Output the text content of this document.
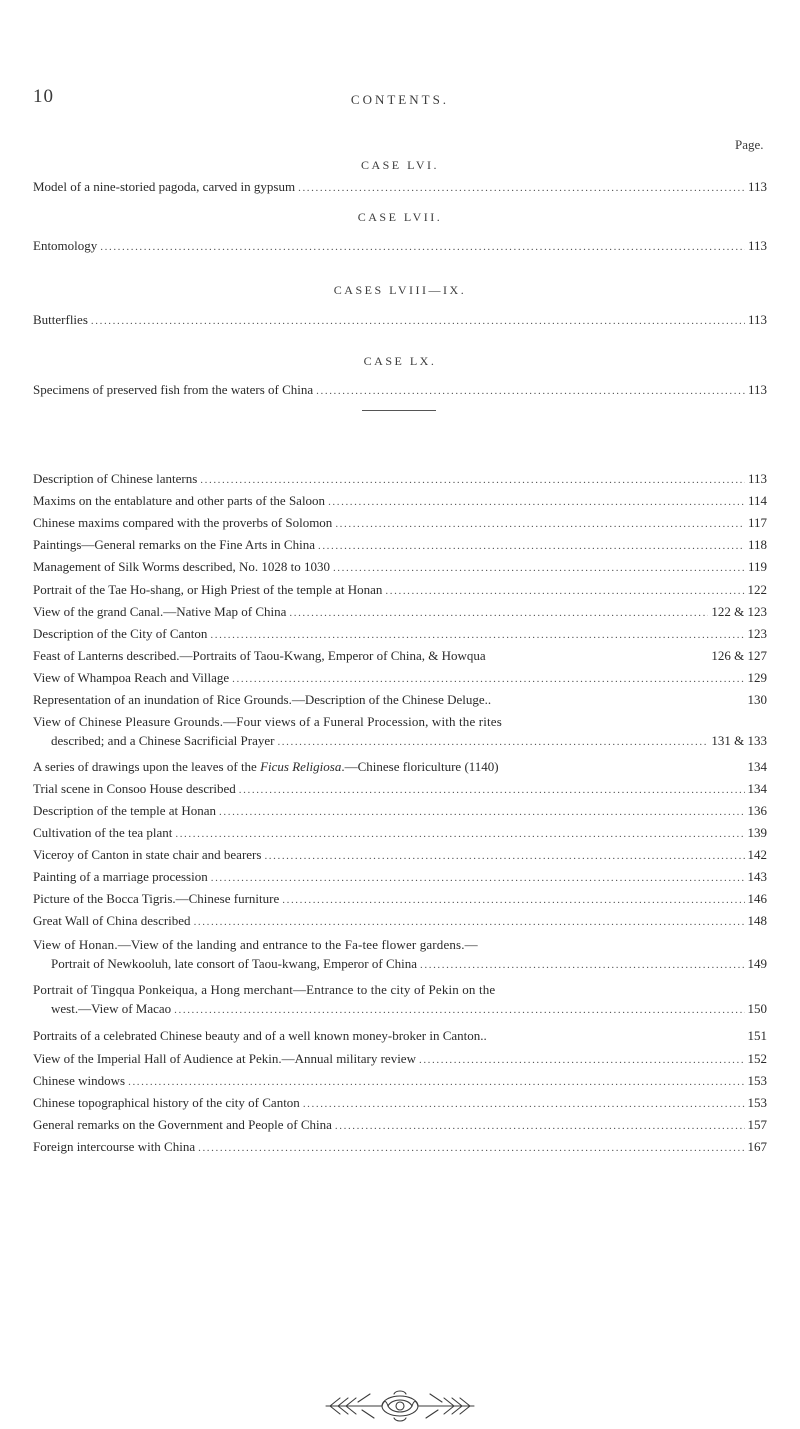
10	CONTENTS.
Page.
CASE LVI.
Model of a nine-storied pagoda, carved in gypsum .....	113
CASE LVII.
Entomology .....	113
CASES LVIII—IX.
Butterflies .....	113
CASE LX.
Specimens of preserved fish from the waters of China .....	113
Description of Chinese lanterns .....	113
Maxims on the entablature and other parts of the Saloon .....	114
Chinese maxims compared with the proverbs of Solomon .....	117
Paintings—General remarks on the Fine Arts in China .....	118
Management of Silk Worms described, No. 1028 to 1030 .....	119
Portrait of the Tae Ho-shang, or High Priest of the temple at Honan .....	122
View of the grand Canal.—Native Map of China .....	122 & 123
Description of the City of Canton .....	123
Feast of Lanterns described.—Portraits of Taou-Kwang, Emperor of China, & Howqua	126 & 127
View of Whampoa Reach and Village .....	129
Representation of an inundation of Rice Grounds.—Description of the Chinese Deluge..	130
View of Chinese Pleasure Grounds.—Four views of a Funeral Procession, with the rites
described; and a Chinese Sacrificial Prayer .....	131 & 133
A series of drawings upon the leaves of the Ficus Religiosa.—Chinese floriculture (1140)	134
Trial scene in Consoo House described .....	134
Description of the temple at Honan .....	136
Cultivation of the tea plant .....	139
Viceroy of Canton in state chair and bearers .....	142
Painting of a marriage procession .....	143
Picture of the Bocca Tigris.—Chinese furniture .....	146
Great Wall of China described .....	148
View of Honan.—View of the landing and entrance to the Fa-tee flower gardens.—
Portrait of Newkooluh, late consort of Taou-kwang, Emperor of China .....	149
Portrait of Tingqua Ponkeiqua, a Hong merchant—Entrance to the city of Pekin on the
west.—View of Macao .....	150
Portraits of a celebrated Chinese beauty and of a well known money-broker in Canton..	151
View of the Imperial Hall of Audience at Pekin.—Annual military review .....	152
Chinese windows .....	153
Chinese topographical history of the city of Canton .....	153
General remarks on the Government and People of China .....	157
Foreign intercourse with China .....	167
